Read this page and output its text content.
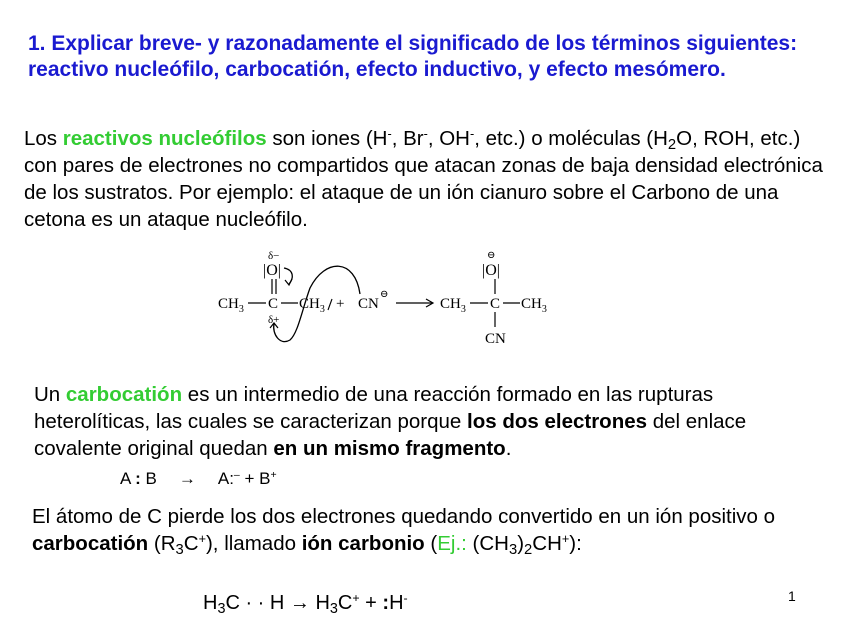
1. Explicar breve- y razonadamente el significado de los términos siguientes: reactivo nucleófilo, carbocatión, efecto inductivo, y efecto mesómero.
Los reactivos nucleófilos son iones (H-, Br-, OH-, etc.) o moléculas ($H_2O$, ROH, etc.) con pares de electrones no compartidos que atacan zonas de baja densidad electrónica de los sustratos. Por ejemplo: el ataque de un ión cianuro sobre el Carbono de una cetona es un ataque nucleófilo.
δ−
|O|
$CH_3$ C $CH_3$
δ+
+ CN
⊖
⊖
|O|
$CH_3$ C $CH_3$
CN
Un carbocatión es un intermedio de una reacción formado en las rupturas heterolíticas, las cuales se caracterizan porque los dos electrones del enlace covalente original quedan en un mismo fragmento.
A : B → A:– + B+
El átomo de C pierde los dos electrones quedando convertido en un ión positivo o carbocatión $(R_3C^+)$, llamado ión carbonio (Ej.: $(CH_3)_2CH^+$):
$H_3C$ · · $H \to H_3C^+$ + :H-	1
